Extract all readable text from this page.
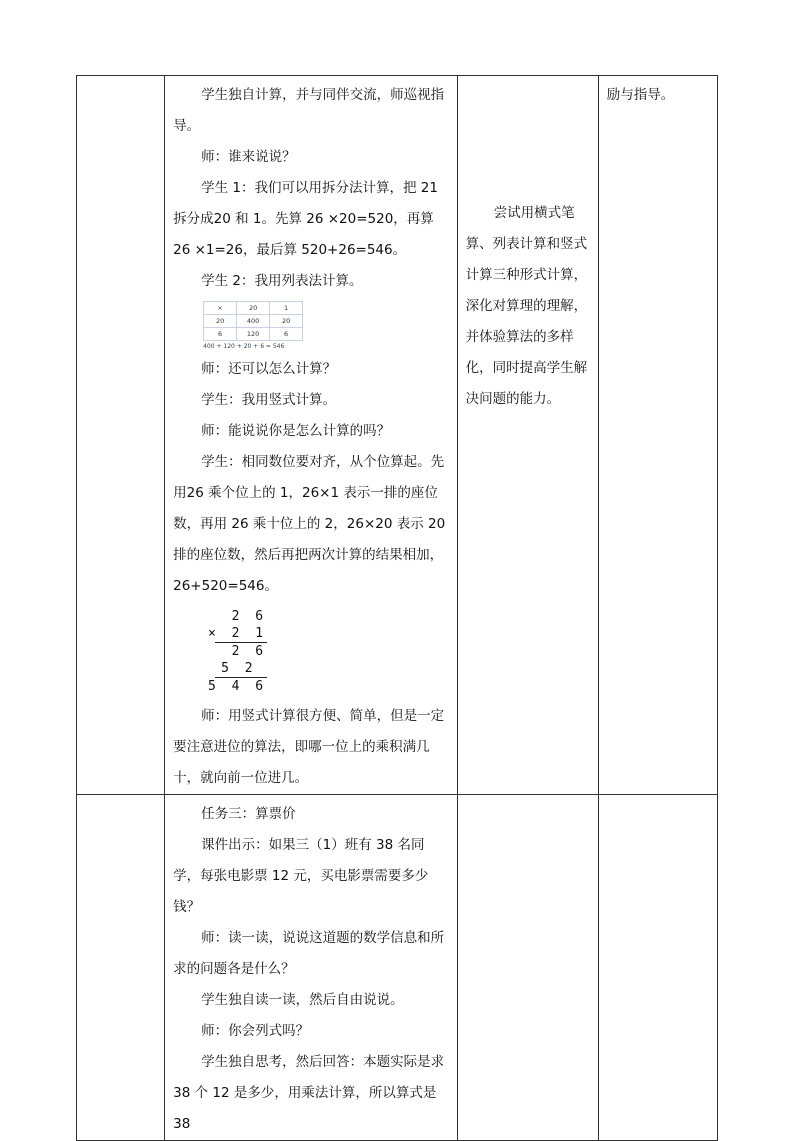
学生独自计算，并与同伴交流，师巡视指导。

师：谁来说说？

学生 1：我们可以用拆分法计算，把 21 拆分成20 和 1。先算 26 ×20=520，再算 26 ×1=26，最后算 520+26=546。

学生 2：我用列表法计算。

×	20	1
20	400	20
6	120	6
400 + 120 + 20 + 6 = 546

师：还可以怎么计算？

学生：我用竖式计算。

师：能说说你是怎么计算的吗？

学生：相同数位要对齐，从个位算起。先用26 乘个位上的 1，26×1 表示一排的座位数，再用 26 乘十位上的 2，26×20 表示 20 排的座位数，然后再把两次计算的结果相加，26+520=546。

2 6
× 2 1
2 6
5 2
5 4 6

师：用竖式计算很方便、简单，但是一定要注意进位的算法，即哪一位上的乘积满几十，就向前一位进几。

尝试用横式笔算、列表计算和竖式计算三种形式计算，深化对算理的理解，并体验算法的多样化，同时提高学生解决问题的能力。

励与指导。

任务三：算票价

课件出示：如果三（1）班有 38 名同学，每张电影票 12 元，买电影票需要多少钱？

师：读一读，说说这道题的数学信息和所求的问题各是什么？

学生独自读一读，然后自由说说。

师：你会列式吗？

学生独自思考，然后回答：本题实际是求 38 个 12 是多少，用乘法计算，所以算式是 38
